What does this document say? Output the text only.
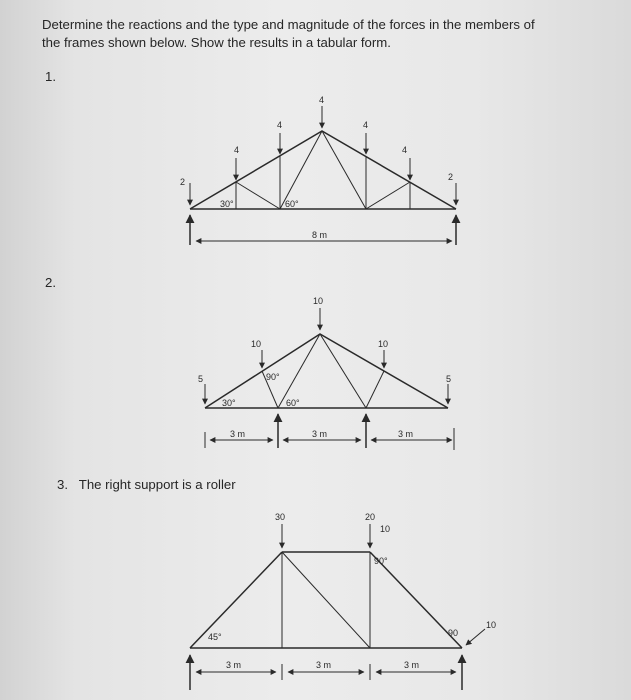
Determine the reactions and the type and magnitude of the forces in the members of

the frames shown below. Show the results in a tabular form.

1.
2.
3. The right support is a roller
2
4
4
4
4
4
2
30°	60°
8 m
5
10
10
10
5
30°
90°
60°
3 m	3 m	3 m
30	20
10
10
45°
90°
90
3 m	3 m	3 m
